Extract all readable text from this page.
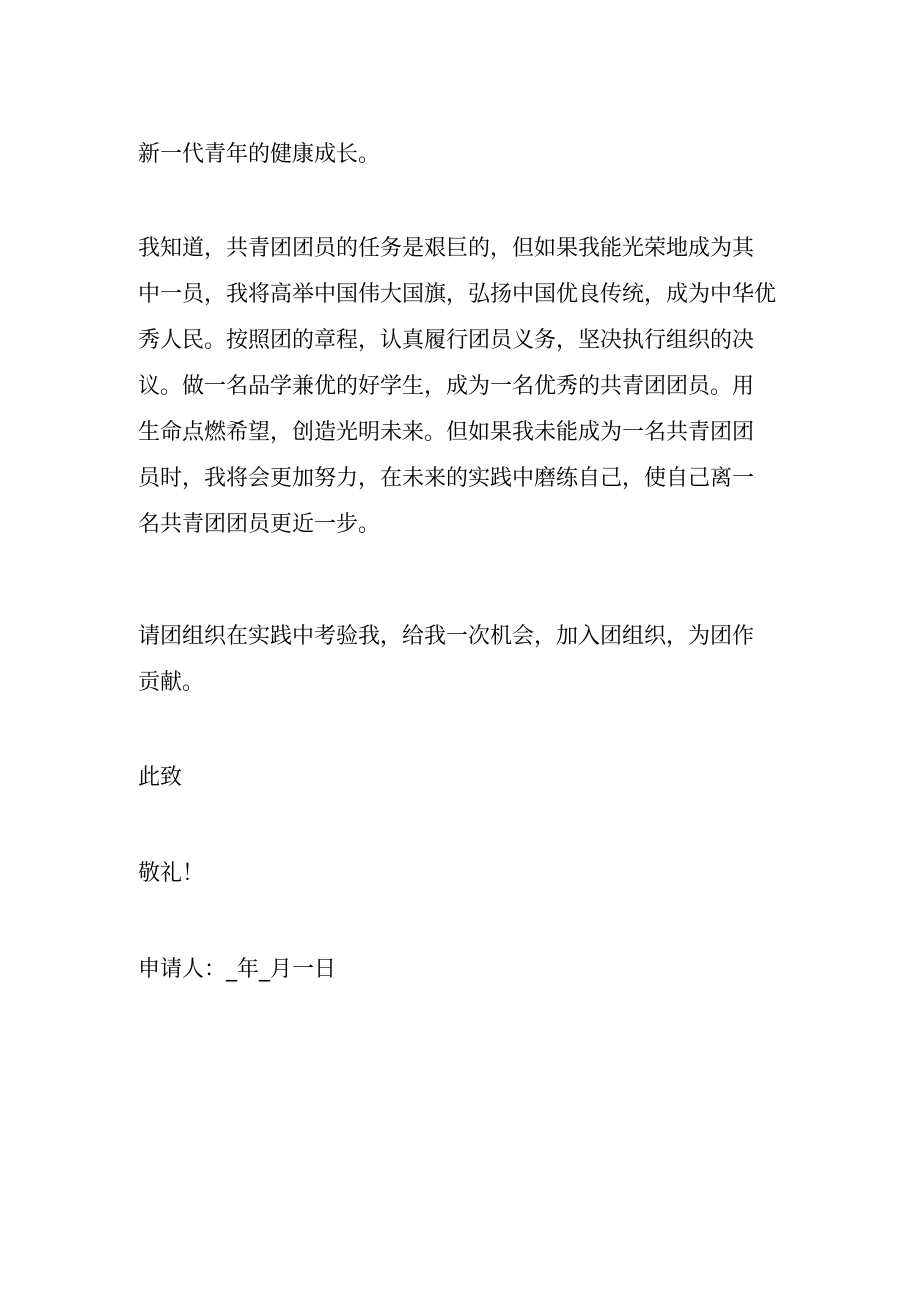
新一代青年的健康成长。
我知道，共青团团员的任务是艰巨的，但如果我能光荣地成为其
中一员，我将高举中国伟大国旗，弘扬中国优良传统，成为中华优
秀人民。按照团的章程，认真履行团员义务，坚决执行组织的决
议。做一名品学兼优的好学生，成为一名优秀的共青团团员。用
生命点燃希望，创造光明未来。但如果我未能成为一名共青团团
员时，我将会更加努力，在未来的实践中磨练自己，使自己离一
名共青团团员更近一步。
请团组织在实践中考验我，给我一次机会，加入团组织，为团作
贡献。
此致
敬礼！
申请人：_年_月一日
